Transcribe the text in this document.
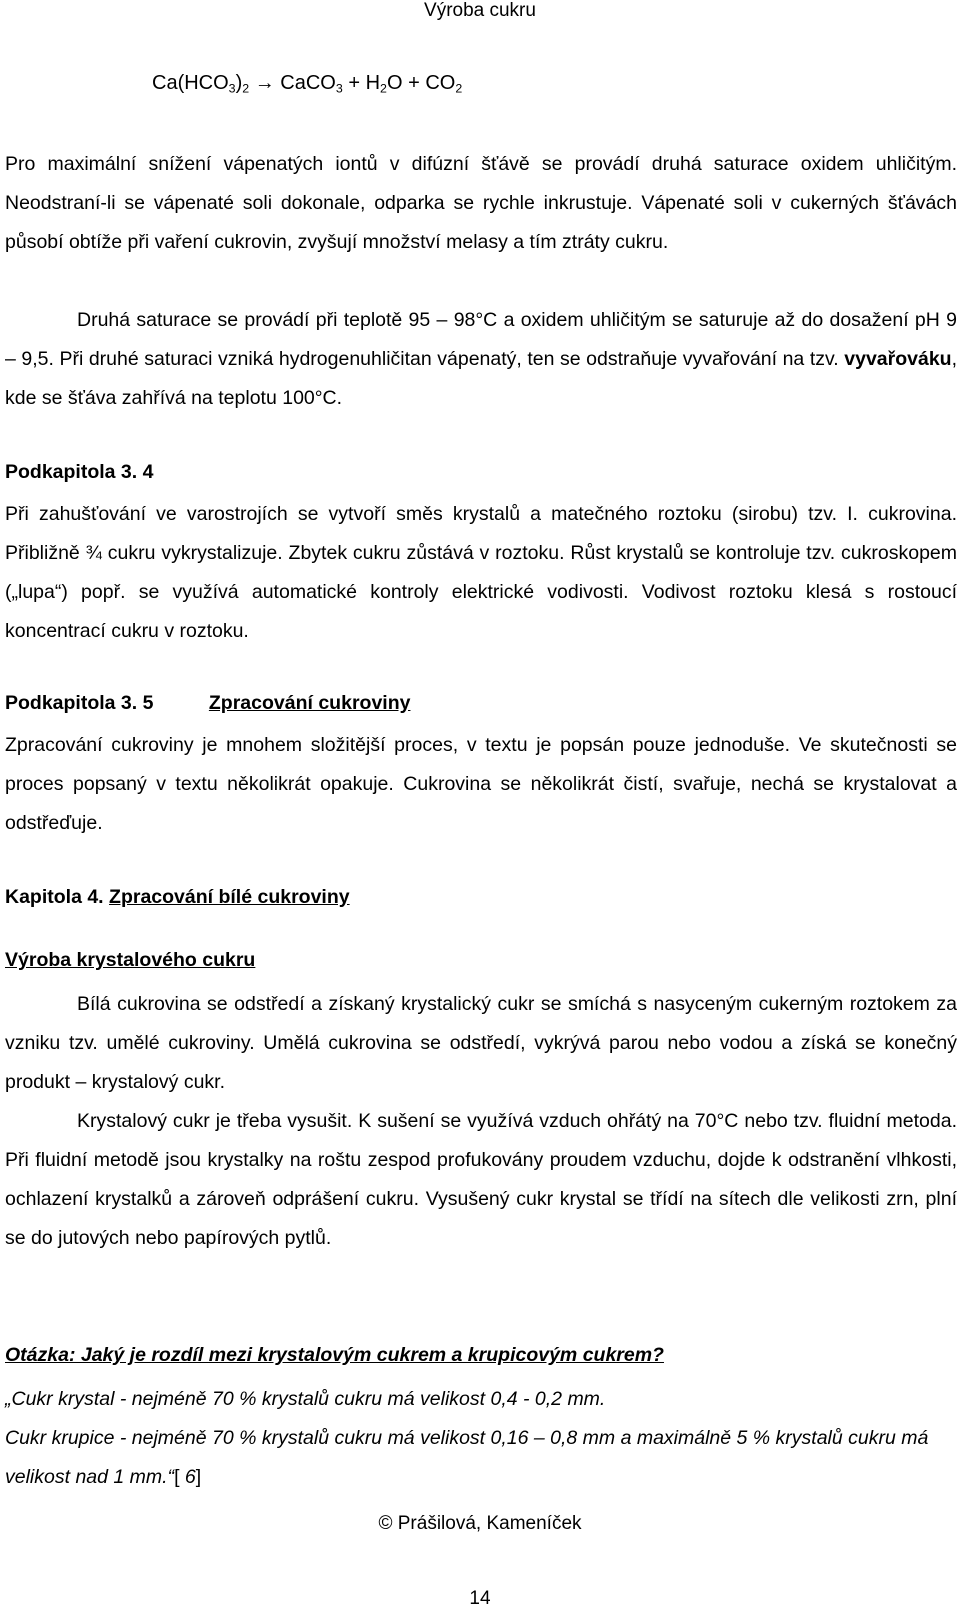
Výroba cukru
$Ca(HCO_3)_2$ → CaCO$_3$ + $H_2O + CO_2$

Pro maximální snížení vápenatých iontů v difúzní šťávě se provádí druhá saturace oxidem uhličitým. Neodstraní-li se vápenaté soli dokonale, odparka se rychle inkrustuje. Vápenaté soli v cukerných šťávách působí obtíže při vaření cukrovin, zvyšují množství melasy a tím ztráty cukru.

Druhá saturace se provádí při teplotě 95 – 98°C a oxidem uhličitým se saturuje až do dosažení pH 9 – 9,5. Při druhé saturaci vzniká hydrogenuhličitan vápenatý, ten se odstraňuje vyvařování na tzv. vyvařováku, kde se šťáva zahřívá na teplotu 100°C.

Podkapitola 3. 4

Při zahušťování ve varostrojích se vytvoří směs krystalů a matečného roztoku (sirobu) tzv. I. cukrovina. Přibližně ¾ cukru vykrystalizuje. Zbytek cukru zůstává v roztoku. Růst krystalů se kontroluje tzv. cukroskopem („lupa“) popř. se využívá automatické kontroly elektrické vodivosti. Vodivost roztoku klesá s rostoucí koncentrací cukru v roztoku.

Podkapitola 3. 5	Zpracování cukroviny

Zpracování cukroviny je mnohem složitější proces, v textu je popsán pouze jednoduše. Ve skutečnosti se proces popsaný v textu několikrát opakuje. Cukrovina se několikrát čistí, svařuje, nechá se krystalovat a odstřeďuje.

Kapitola 4. Zpracování bílé cukroviny
Výroba krystalového cukru

Bílá cukrovina se odstředí a získaný krystalický cukr se smíchá s nasyceným cukerným roztokem za vzniku tzv. umělé cukroviny. Umělá cukrovina se odstředí, vykrývá parou nebo vodou a získá se konečný produkt – krystalový cukr.

Krystalový cukr je třeba vysušit. K sušení se využívá vzduch ohřátý na 70°C nebo tzv. fluidní metoda. Při fluidní metodě jsou krystalky na roštu zespod profukovány proudem vzduchu, dojde k odstranění vlhkosti, ochlazení krystalků a zároveň odprášení cukru. Vysušený cukr krystal se třídí na sítech dle velikosti zrn, plní se do jutových nebo papírových pytlů.

Otázka: Jaký je rozdíl mezi krystalovým cukrem a krupicovým cukrem?
„Cukr krystal - nejméně 70 % krystalů cukru má velikost 0,4 - 0,2 mm.

Cukr krupice - nejméně 70 % krystalů cukru má velikost 0,16 – 0,8 mm a maximálně 5 % krystalů cukru má velikost nad 1 mm.“[ 6]

© Prášilová, Kameníček
14
